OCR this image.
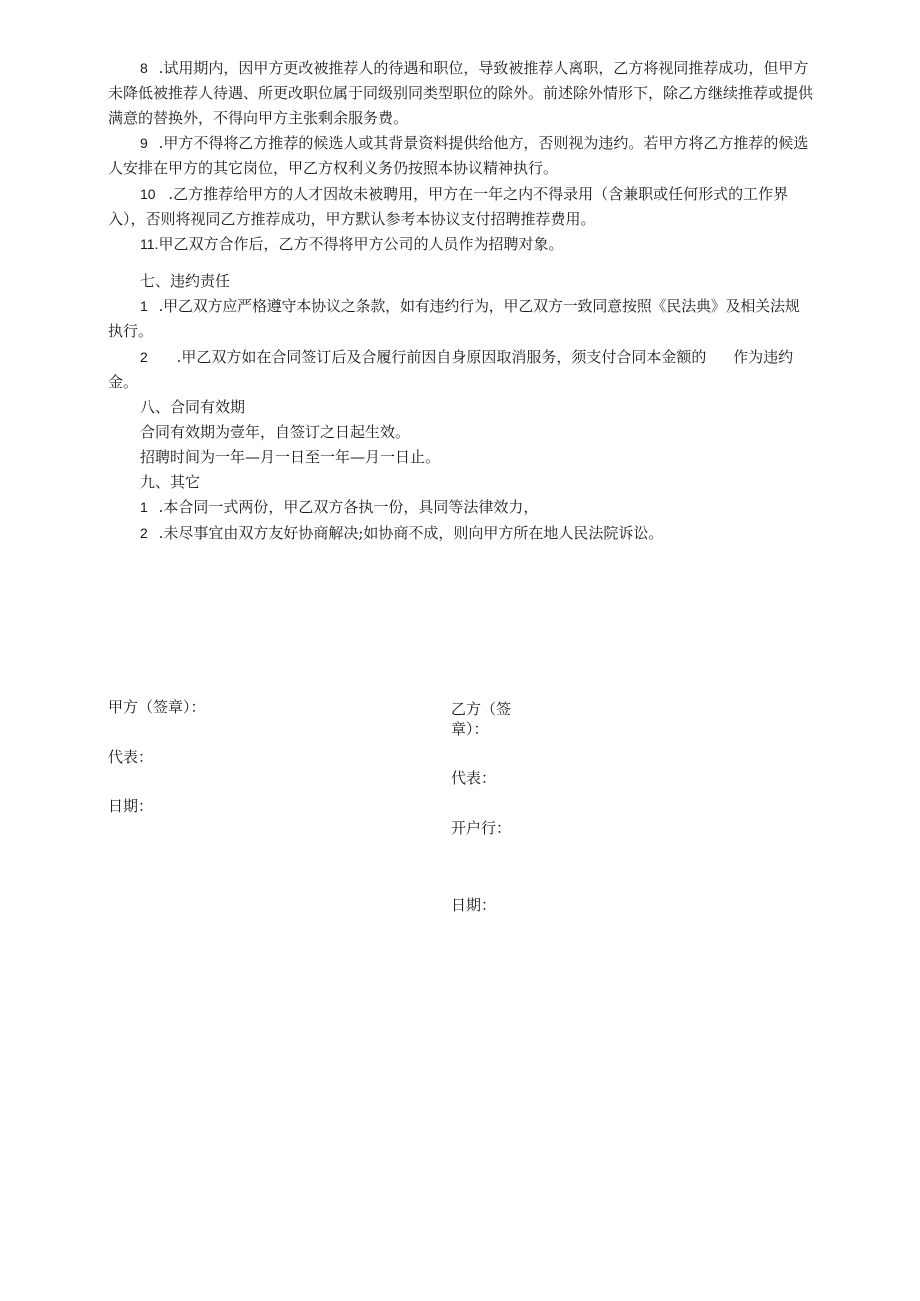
8 .试用期内，因甲方更改被推荐人的待遇和职位，导致被推荐人离职，乙方将视同推荐成功，但甲方
未降低被推荐人待遇、所更改职位属于同级别同类型职位的除外。前述除外情形下，除乙方继续推荐或提供
满意的替换外，不得向甲方主张剩余服务费。
9 .甲方不得将乙方推荐的候选人或其背景资料提供给他方，否则视为违约。若甲方将乙方推荐的候选
人安排在甲方的其它岗位，甲乙方权利义务仍按照本协议精神执行。
10 .乙方推荐给甲方的人才因故未被聘用，甲方在一年之内不得录用（含兼职或任何形式的工作界
入），否则将视同乙方推荐成功，甲方默认参考本协议支付招聘推荐费用。
11.甲乙双方合作后，乙方不得将甲方公司的人员作为招聘对象。
七、违约责任
1 .甲乙双方应严格遵守本协议之条款，如有违约行为，甲乙双方一致同意按照《民法典》及相关法规
执行。
2 .甲乙双方如在合同签订后及合履行前因自身原因取消服务，须支付合同本金额的 作为违约
金。
八、合同有效期
合同有效期为壹年，自签订之日起生效。
招聘时间为一年—月一日至一年—月一日止。
九、其它
1 .本合同一式两份，甲乙双方各执一份，具同等法律效力，
2 .未尽事宜由双方友好协商解决;如协商不成，则向甲方所在地人民法院诉讼。
甲方（签章）：
代表：
日期：
乙方（签
章）：
代表：
开户行：
日期：
